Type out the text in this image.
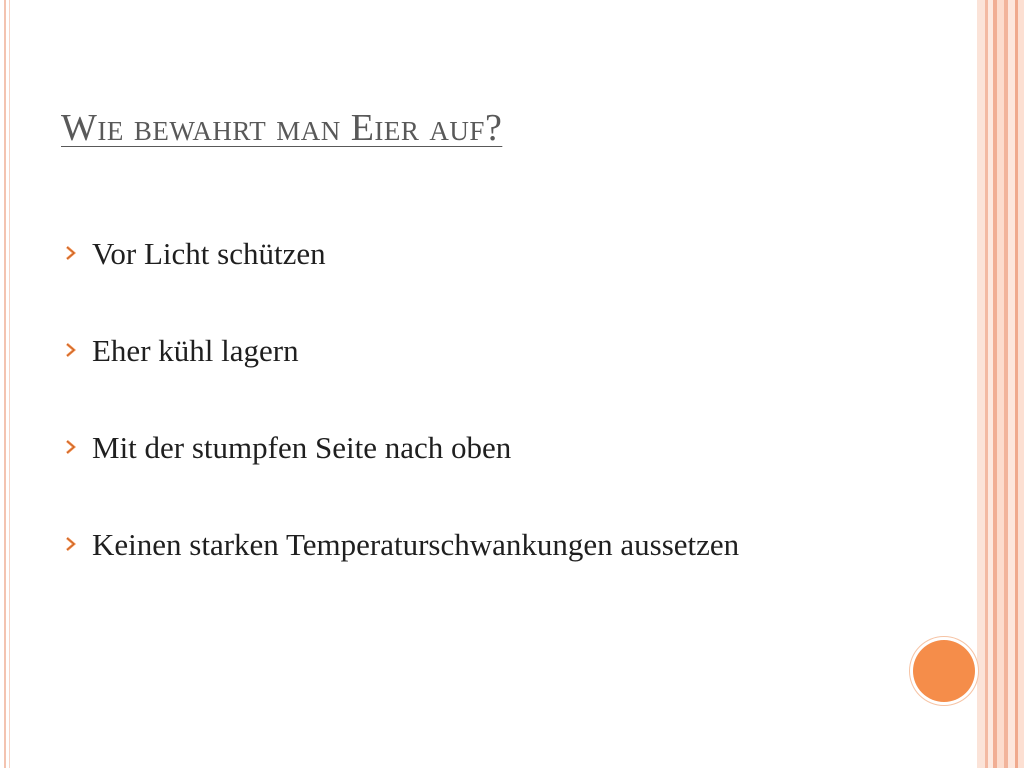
Wie bewahrt man Eier auf?
Vor Licht schützen
Eher kühl lagern
Mit der stumpfen Seite nach oben
Keinen starken Temperaturschwankungen aussetzen
